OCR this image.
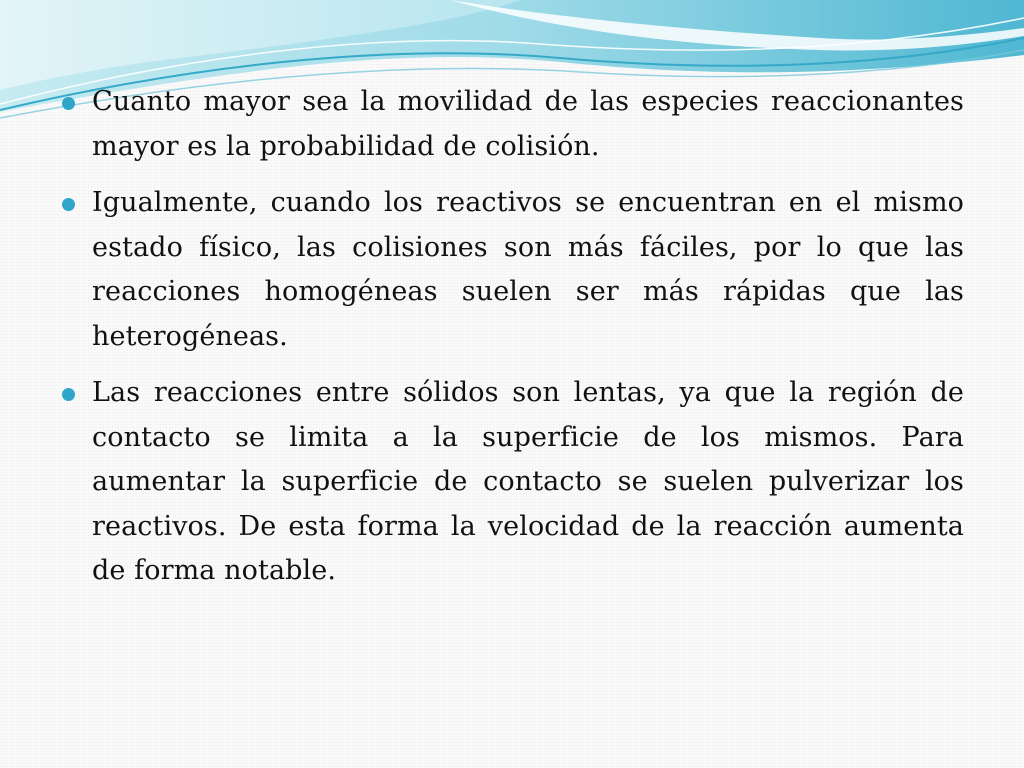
Cuanto mayor sea la movilidad de las especies reaccionantes mayor es la probabilidad de colisión.
Igualmente, cuando los reactivos se encuentran en el mismo estado físico, las colisiones son más fáciles, por lo que las reacciones homogéneas suelen ser más rápidas que las heterogéneas.
Las reacciones entre sólidos son lentas, ya que la región de contacto se limita a la superficie de los mismos. Para aumentar la superficie de contacto se suelen pulverizar los reactivos. De esta forma la velocidad de la reacción aumenta de forma notable.
